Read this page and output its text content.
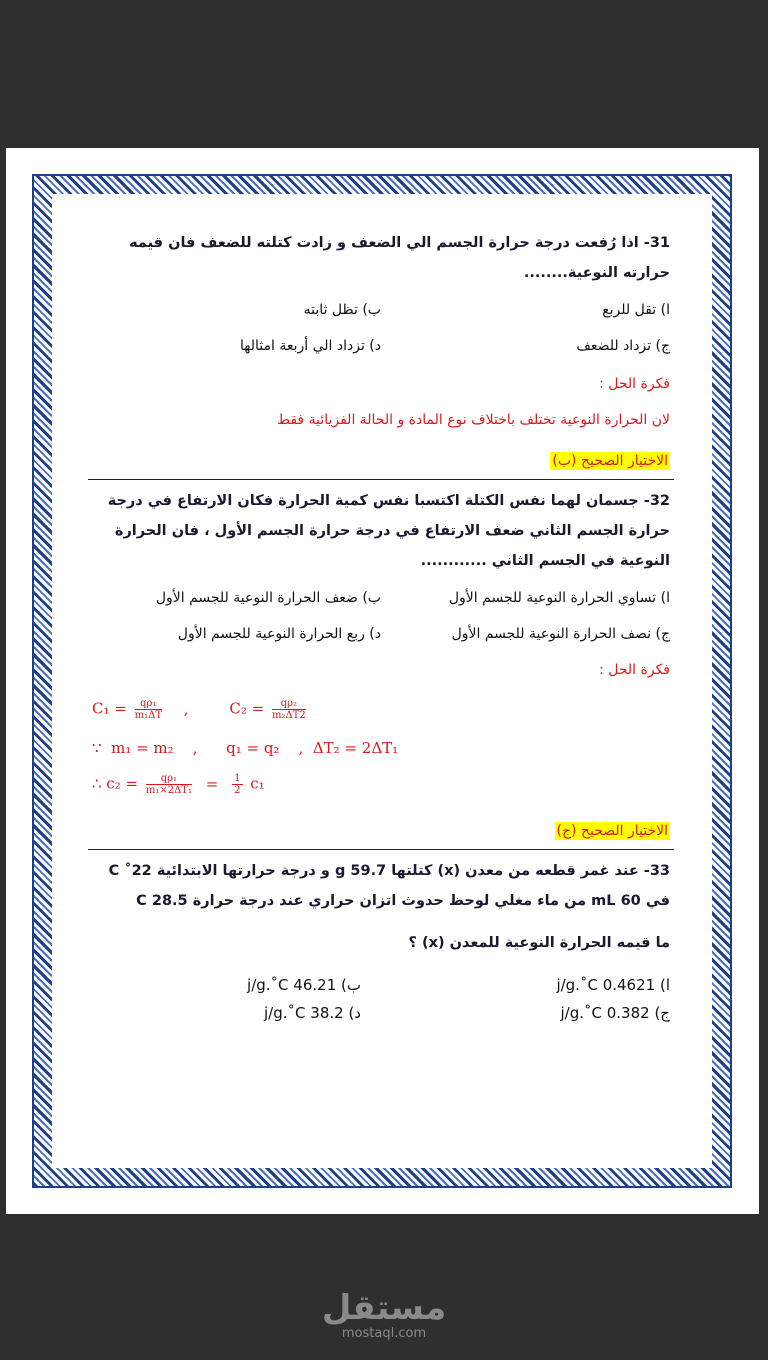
31- اذا رُفعت درجة حرارة الجسم الي الضعف و زادت كتلته للضعف فان قيمه حرارته النوعية........

ا) تقل للربع
ب) تظل ثابته
ج) تزداد للضعف
د) تزداد الي أربعة امثالها
فكرة الحل :
لان الحرارة النوعية تختلف باختلاف نوع المادة و الحالة الفزيائية فقط
الاختيار الصحيح (ب)

32- جسمان لهما نفس الكتلة اكتسبا نفس كمية الحرارة فكان الارتفاع في درجة حرارة الجسم الثاني ضعف الارتفاع في درجة حرارة الجسم الأول ، فان الحرارة النوعية في الجسم الثاني ............

ا) تساوي الحرارة النوعية للجسم الأول
ب) ضعف الحرارة النوعية للجسم الأول
ج) نصف الحرارة النوعية للجسم الأول
د) ربع الحرارة النوعية للجسم الأول
فكرة الحل :
$C_1 = \frac{\text{qρ₁}}{\text{m₁ΔT}}$ ,	$C_2 = \frac{\text{qρ₂}}{\text{m₂ΔT2}}$
∵  m₁ = m₂    ,      q₁ = q₂    ,  ΔT₂ = 2ΔT₁
∴ $c_2 = \frac{\text{qρ₁}}{\text{m₁×2ΔT₁}} = \frac{1}{2} c_1$
الاختيار الصحيح (ج)

33- عند غمر قطعه من معدن (x) كتلتها 59.7 g و درجة حرارتها الابتدائية 22˚ C في 60 mL من ماء مغلي لوحظ حدوث اتزان حراري عند درجة حرارة 28.5 C

ما قيمه الحرارة النوعية للمعدن (x) ؟

ا) 0.4621 j/g.˚C
ب) 46.21 j/g.˚C
ج) 0.382 j/g.˚C
د) 38.2 j/g.˚C
مستقل
mostaql.com
